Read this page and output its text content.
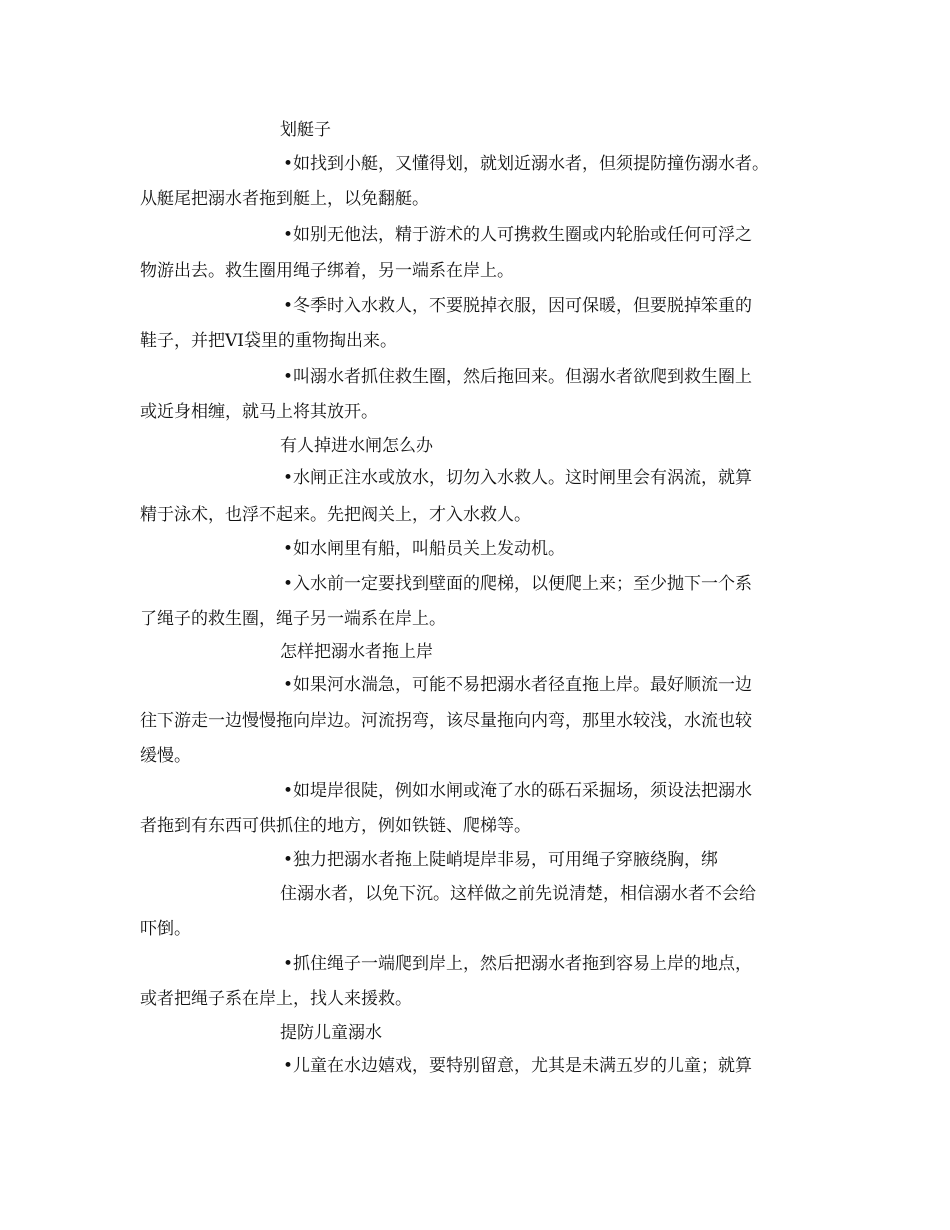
划艇子
•如找到小艇，又懂得划，就划近溺水者，但须提防撞伤溺水者。
从艇尾把溺水者拖到艇上，以免翻艇。
•如别无他法，精于游术的人可携救生圈或内轮胎或任何可浮之
物游出去。救生圈用绳子绑着，另一端系在岸上。
•冬季时入水救人，不要脱掉衣服，因可保暖，但要脱掉笨重的
鞋子，并把VI袋里的重物掏出来。
•叫溺水者抓住救生圈，然后拖回来。但溺水者欲爬到救生圈上
或近身相缠，就马上将其放开。
有人掉进水闸怎么办
•水闸正注水或放水，切勿入水救人。这时闸里会有涡流，就算
精于泳术，也浮不起来。先把阀关上，才入水救人。
•如水闸里有船，叫船员关上发动机。
•入水前一定要找到壁面的爬梯，以便爬上来；至少抛下一个系
了绳子的救生圈，绳子另一端系在岸上。
怎样把溺水者拖上岸
•如果河水湍急，可能不易把溺水者径直拖上岸。最好顺流一边
往下游走一边慢慢拖向岸边。河流拐弯，该尽量拖向内弯，那里水较浅，水流也较
缓慢。
•如堤岸很陡，例如水闸或淹了水的砾石采掘场，须设法把溺水
者拖到有东西可供抓住的地方，例如铁链、爬梯等。
•独力把溺水者拖上陡峭堤岸非易，可用绳子穿腋绕胸，绑
住溺水者，以免下沉。这样做之前先说清楚，相信溺水者不会给
吓倒。
•抓住绳子一端爬到岸上，然后把溺水者拖到容易上岸的地点，
或者把绳子系在岸上，找人来援救。
提防儿童溺水
•儿童在水边嬉戏，要特别留意，尤其是未满五岁的儿童；就算
